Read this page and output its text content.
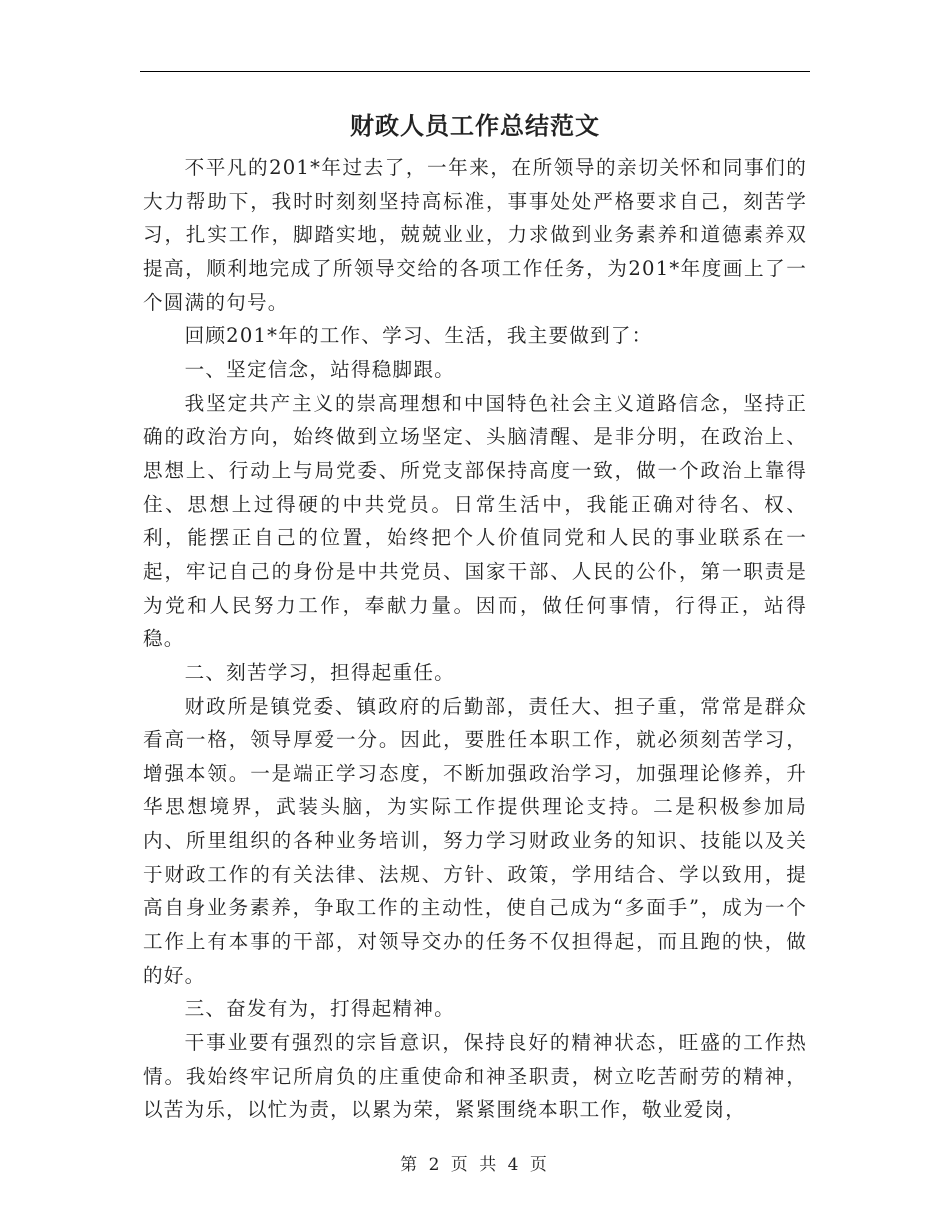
财政人员工作总结范文

不平凡的201*年过去了，一年来，在所领导的亲切关怀和同事们的大力帮助下，我时时刻刻坚持高标准，事事处处严格要求自己，刻苦学习，扎实工作，脚踏实地，兢兢业业，力求做到业务素养和道德素养双提高，顺利地完成了所领导交给的各项工作任务，为201*年度画上了一个圆满的句号。

回顾201*年的工作、学习、生活，我主要做到了：

一、坚定信念，站得稳脚跟。

我坚定共产主义的崇高理想和中国特色社会主义道路信念，坚持正确的政治方向，始终做到立场坚定、头脑清醒、是非分明，在政治上、思想上、行动上与局党委、所党支部保持高度一致，做一个政治上靠得住、思想上过得硬的中共党员。日常生活中，我能正确对待名、权、利，能摆正自己的位置，始终把个人价值同党和人民的事业联系在一起，牢记自己的身份是中共党员、国家干部、人民的公仆，第一职责是为党和人民努力工作，奉献力量。因而，做任何事情，行得正，站得稳。

二、刻苦学习，担得起重任。

财政所是镇党委、镇政府的后勤部，责任大、担子重，常常是群众看高一格，领导厚爱一分。因此，要胜任本职工作，就必须刻苦学习，增强本领。一是端正学习态度，不断加强政治学习，加强理论修养，升华思想境界，武装头脑，为实际工作提供理论支持。二是积极参加局内、所里组织的各种业务培训，努力学习财政业务的知识、技能以及关于财政工作的有关法律、法规、方针、政策，学用结合、学以致用，提高自身业务素养，争取工作的主动性，使自己成为“多面手”，成为一个工作上有本事的干部，对领导交办的任务不仅担得起，而且跑的快，做的好。

三、奋发有为，打得起精神。

干事业要有强烈的宗旨意识，保持良好的精神状态，旺盛的工作热情。我始终牢记所肩负的庄重使命和神圣职责，树立吃苦耐劳的精神，以苦为乐，以忙为责，以累为荣，紧紧围绕本职工作，敬业爱岗，

第 2 页 共 4 页
